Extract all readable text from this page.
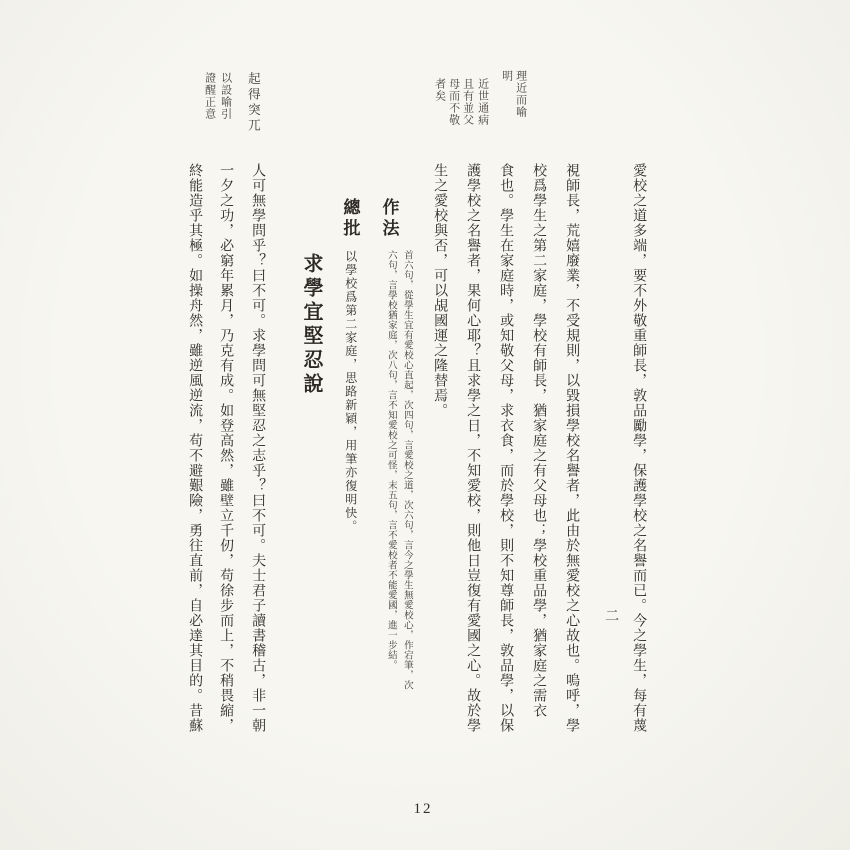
理近而喻
明
近世通病
且有並父
母而不敬
者矣
起得突兀
以設喻引
證醒正意
愛校之道多端，要不外敬重師長，敦品勵學，保護學校之名譽而已。今之學生，每有蔑
二
視師長，荒嬉廢業，不受規則，以毀損學校名譽者，此由於無愛校之心故也。嗚呼，學
校爲學生之第二家庭，學校有師長，猶家庭之有父母也；學校重品學，猶家庭之需衣
食也。學生在家庭時，或知敬父母，求衣食，而於學校，則不知尊師長，敦品學，以保
護學校之名譽者，果何心耶？且求學之日，不知愛校，則他日豈復有愛國之心。故於學
生之愛校與否，可以覘國運之隆替焉。
作法
首六句，從學生宜有愛校心直起，次四句，言愛校之道，次六句，言今之學生無愛校心，作宕筆，次
六句，言學校猶家庭，次八句，言不知愛校之可怪，末五句，言不愛校者不能愛國，進一步結。
總批
以學校爲第二家庭，思路新穎，用筆亦復明快。
求學宜堅忍說
人可無學問乎？曰不可。求學問可無堅忍之志乎？曰不可。夫士君子讀書稽古，非一朝
一夕之功，必窮年累月，乃克有成。如登高然，雖壁立千仞，苟徐步而上，不稍畏縮，
終能造乎其極。如操舟然，雖逆風逆流，苟不避艱險，勇往直前，自必達其目的。昔蘇
12
